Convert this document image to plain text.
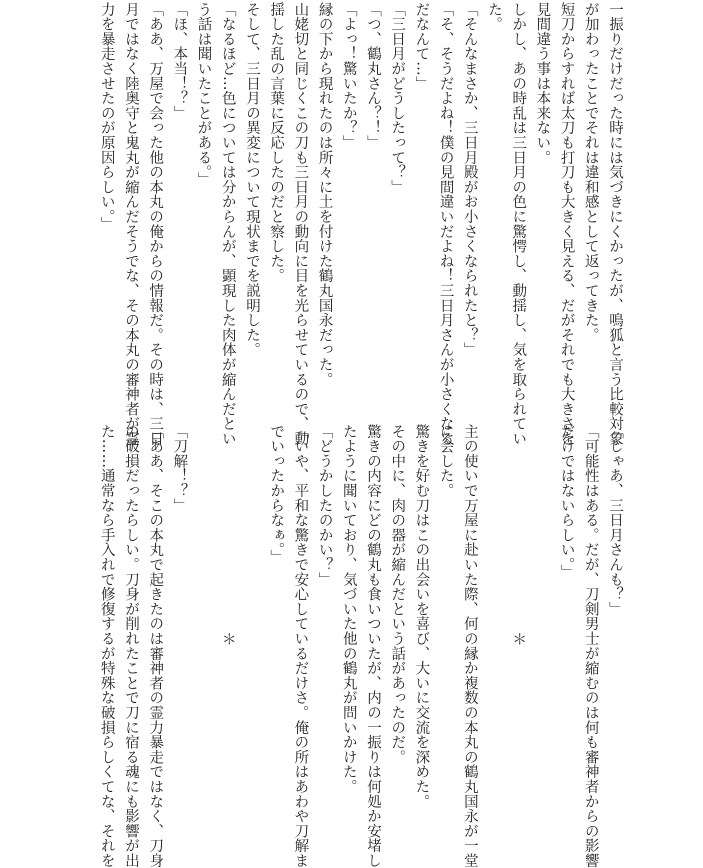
一振りだけだった時には気づきにくかったが、鳴狐と言う比較対象
が加わったことでそれは違和感として返ってきた。
短刀からすれば太刀も打刀も大きく見える、だがそれでも大きさを
見間違う事は本来ない。
しかし、あの時乱は三日月の色に驚愕し、動揺し、気を取られてい
た。
「そんなまさか、三日月殿がお小さくなられたと？」
「そ、そうだよね！僕の見間違いだよね！三日月さんが小さくなる
だなんて…」
「三日月がどうしたって？」
「つ、鶴丸さん？！」
「よっ！驚いたか？」
縁の下から現れたのは所々に土を付けた鶴丸国永だった。
山姥切と同じくこの刀も三日月の動向に目を光らせているので、動
揺した乱の言葉に反応したのだと察した。
そして、三日月の異変について現状までを説明した。
「なるほど…色については分からんが、顕現した肉体が縮んだとい
う話は聞いたことがある。」
「ほ、本当！？」
「ああ、万屋で会った他の本丸の俺からの情報だ。その時は、三日
月ではなく陸奥守と鬼丸が縮んだそうでな、その本丸の審神者が霊
力を暴走させたのが原因らしい。」
「じゃあ、三日月さんも？」
「可能性はある。だが、刀剣男士が縮むのは何も審神者からの影響
だけではないらしい。」
＊
主の使いで万屋に赴いた際、何の縁か複数の本丸の鶴丸国永が一堂
に会した。
驚きを好む刀はこの出会いを喜び、大いに交流を深めた。
その中に、肉の器が縮んだという話があったのだ。
驚きの内容にどの鶴丸も食いついたが、内の一振りは何処か安堵し
たように聞いており、気づいた他の鶴丸が問いかけた。
「どうかしたのかい？」
「いや、平和な驚きで安心しているだけさ。俺の所はあわや刀解ま
でいったからなぁ。」
＊
「刀解！？」
「ああ、そこの本丸で起きたのは審神者の霊力暴走ではなく、刀身
の破損だったらしい。刀身が削れたことで刀に宿る魂にも影響が出
た……通常なら手入れで修復するが特殊な破損らしくてな、それを
